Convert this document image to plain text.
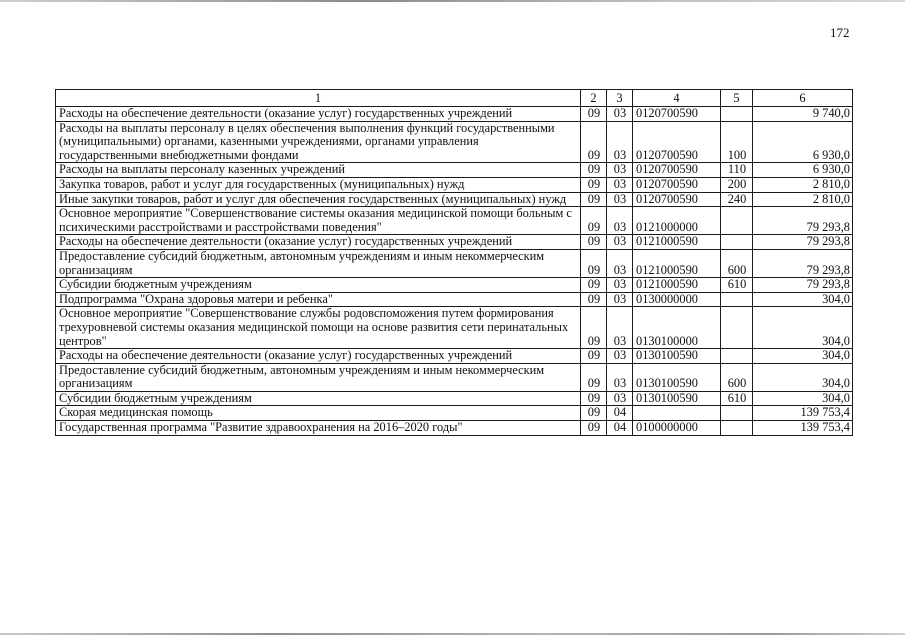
172
1	2	3	4	5	6
Расходы на обеспечение деятельности (оказание услуг) государственных учреждений	09	03	0120700590		9 740,0
Расходы на выплаты персоналу в целях обеспечения выполнения функций государственными (муниципальными) органами, казенными учреждениями, органами управления государственными внебюджетными фондами	09	03	0120700590	100	6 930,0
Расходы на выплаты персоналу казенных учреждений	09	03	0120700590	110	6 930,0
Закупка товаров, работ и услуг для государственных (муниципальных) нужд	09	03	0120700590	200	2 810,0
Иные закупки товаров, работ и услуг для обеспечения государственных (муниципальных) нужд	09	03	0120700590	240	2 810,0
Основное мероприятие "Совершенствование системы оказания медицинской помощи больным с психическими расстройствами и расстройствами поведения"	09	03	0121000000		79 293,8
Расходы на обеспечение деятельности (оказание услуг) государственных учреждений	09	03	0121000590		79 293,8
Предоставление субсидий бюджетным, автономным учреждениям и иным некоммерческим организациям	09	03	0121000590	600	79 293,8
Субсидии бюджетным учреждениям	09	03	0121000590	610	79 293,8
Подпрограмма "Охрана здоровья матери и ребенка"	09	03	0130000000		304,0
Основное мероприятие "Совершенствование службы родовспоможения путем формирования трехуровневой системы оказания медицинской помощи на основе развития сети перинатальных центров"	09	03	0130100000		304,0
Расходы на обеспечение деятельности (оказание услуг) государственных учреждений	09	03	0130100590		304,0
Предоставление субсидий бюджетным, автономным учреждениям и иным некоммерческим организациям	09	03	0130100590	600	304,0
Субсидии бюджетным учреждениям	09	03	0130100590	610	304,0
Скорая медицинская помощь	09	04			139 753,4
Государственная программа "Развитие здравоохранения на 2016–2020 годы"	09	04	0100000000		139 753,4
